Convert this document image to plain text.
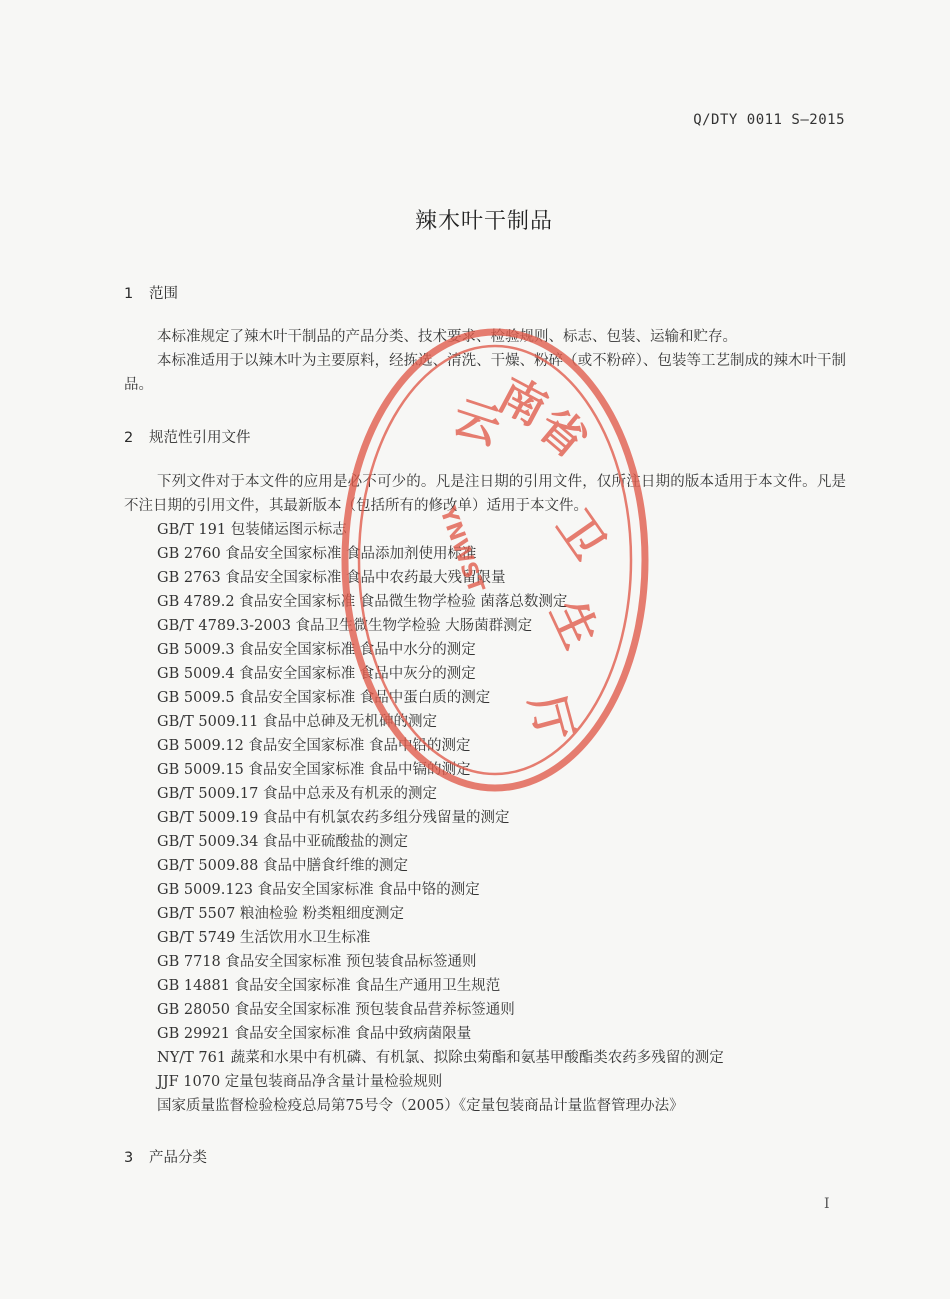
Q/DTY 0011 S—2015
辣木叶干制品
1 范围
本标准规定了辣木叶干制品的产品分类、技术要求、检验规则、标志、包装、运输和贮存。
本标准适用于以辣木叶为主要原料，经拣选、清洗、干燥、粉碎（或不粉碎）、包装等工艺制成的辣木叶干制品。
2 规范性引用文件
下列文件对于本文件的应用是必不可少的。凡是注日期的引用文件，仅所注日期的版本适用于本文件。凡是不注日期的引用文件，其最新版本（包括所有的修改单）适用于本文件。
GB/T 191 包装储运图示标志
GB 2760 食品安全国家标准 食品添加剂使用标准
GB 2763 食品安全国家标准 食品中农药最大残留限量
GB 4789.2 食品安全国家标准 食品微生物学检验 菌落总数测定
GB/T 4789.3-2003 食品卫生微生物学检验 大肠菌群测定
GB 5009.3 食品安全国家标准 食品中水分的测定
GB 5009.4 食品安全国家标准 食品中灰分的测定
GB 5009.5 食品安全国家标准 食品中蛋白质的测定
GB/T 5009.11 食品中总砷及无机砷的测定
GB 5009.12 食品安全国家标准 食品中铅的测定
GB 5009.15 食品安全国家标准 食品中镉的测定
GB/T 5009.17 食品中总汞及有机汞的测定
GB/T 5009.19 食品中有机氯农药多组分残留量的测定
GB/T 5009.34 食品中亚硫酸盐的测定
GB/T 5009.88 食品中膳食纤维的测定
GB 5009.123 食品安全国家标准 食品中铬的测定
GB/T 5507 粮油检验 粉类粗细度测定
GB/T 5749 生活饮用水卫生标准
GB 7718 食品安全国家标准 预包装食品标签通则
GB 14881 食品安全国家标准 食品生产通用卫生规范
GB 28050 食品安全国家标准 预包装食品营养标签通则
GB 29921 食品安全国家标准 食品中致病菌限量
NY/T 761 蔬菜和水果中有机磷、有机氯、拟除虫菊酯和氨基甲酸酯类农药多残留的测定
JJF 1070 定量包装商品净含量计量检验规则
国家质量监督检验检疫总局第75号令（2005）《定量包装商品计量监督管理办法》
3 产品分类
I
云
南
省
卫
生
厅
YNWST
